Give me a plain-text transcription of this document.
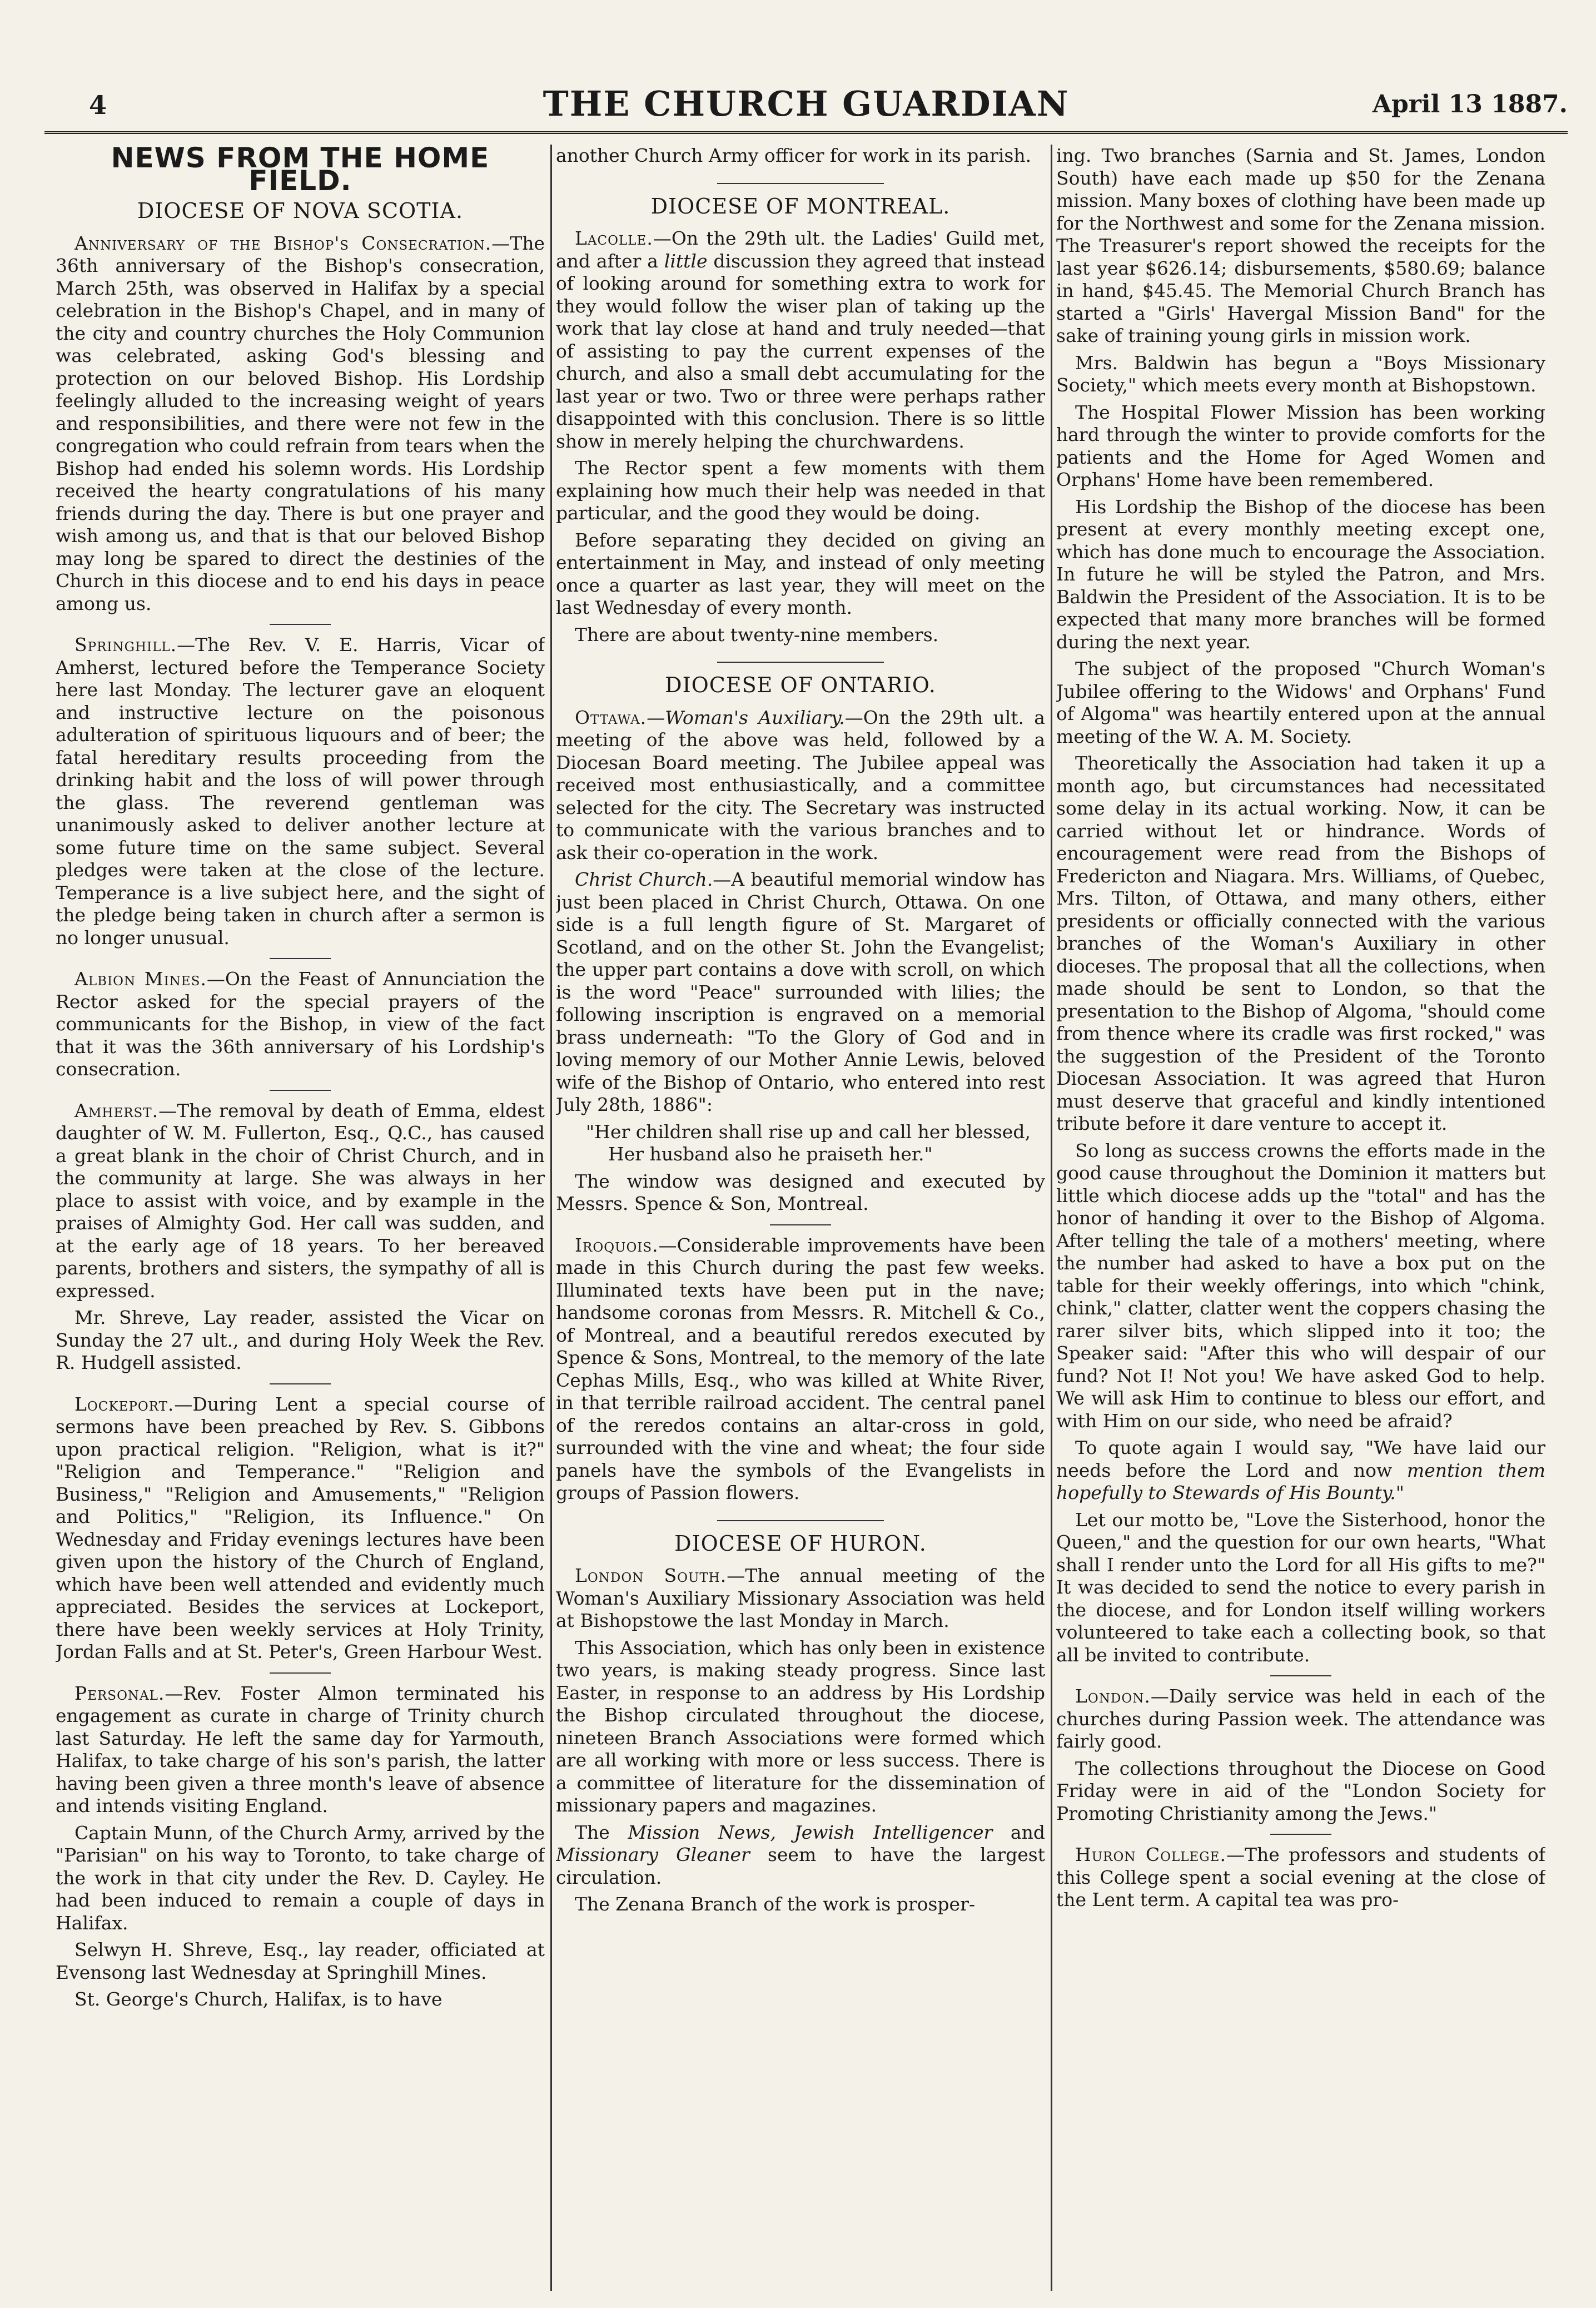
4	THE CHURCH GUARDIAN	April 13 1887.
NEWS FROM THE HOME FIELD.
DIOCESE OF NOVA SCOTIA.

Anniversary of the Bishop's Consecration.—The 36th anniversary of the Bishop's consecration, March 25th, was observed in Halifax by a special celebration in the Bishop's Chapel, and in many of the city and country churches the Holy Communion was celebrated, asking God's blessing and protection on our beloved Bishop. His Lordship feelingly alluded to the increasing weight of years and responsibilities, and there were not few in the congregation who could refrain from tears when the Bishop had ended his solemn words. His Lordship received the hearty congratulations of his many friends during the day. There is but one prayer and wish among us, and that is that our beloved Bishop may long be spared to direct the destinies of the Church in this diocese and to end his days in peace among us.

Springhill.—The Rev. V. E. Harris, Vicar of Amherst, lectured before the Temperance Society here last Monday. The lecturer gave an eloquent and instructive lecture on the poisonous adulteration of spirituous liquours and of beer; the fatal hereditary results proceeding from the drinking habit and the loss of will power through the glass. The reverend gentleman was unanimously asked to deliver another lecture at some future time on the same subject. Several pledges were taken at the close of the lecture. Temperance is a live subject here, and the sight of the pledge being taken in church after a sermon is no longer unusual.

Albion Mines.—On the Feast of Annunciation the Rector asked for the special prayers of the communicants for the Bishop, in view of the fact that it was the 36th anniversary of his Lordship's consecration.

Amherst.—The removal by death of Emma, eldest daughter of W. M. Fullerton, Esq., Q.C., has caused a great blank in the choir of Christ Church, and in the community at large. She was always in her place to assist with voice, and by example in the praises of Almighty God. Her call was sudden, and at the early age of 18 years. To her bereaved parents, brothers and sisters, the sympathy of all is expressed.

Mr. Shreve, Lay reader, assisted the Vicar on Sunday the 27 ult., and during Holy Week the Rev. R. Hudgell assisted.

Lockeport.—During Lent a special course of sermons have been preached by Rev. S. Gibbons upon practical religion. "Religion, what is it?" "Religion and Temperance." "Religion and Business," "Religion and Amusements," "Religion and Politics," "Religion, its Influence." On Wednesday and Friday evenings lectures have been given upon the history of the Church of England, which have been well attended and evidently much appreciated. Besides the services at Lockeport, there have been weekly services at Holy Trinity, Jordan Falls and at St. Peter's, Green Harbour West.

Personal.—Rev. Foster Almon terminated his engagement as curate in charge of Trinity church last Saturday. He left the same day for Yarmouth, Halifax, to take charge of his son's parish, the latter having been given a three month's leave of absence and intends visiting England.

Captain Munn, of the Church Army, arrived by the "Parisian" on his way to Toronto, to take charge of the work in that city under the Rev. D. Cayley. He had been induced to remain a couple of days in Halifax.

Selwyn H. Shreve, Esq., lay reader, officiated at Evensong last Wednesday at Springhill Mines.

St. George's Church, Halifax, is to have

another Church Army officer for work in its parish.

DIOCESE OF MONTREAL.

Lacolle.—On the 29th ult. the Ladies' Guild met, and after a little discussion they agreed that instead of looking around for something extra to work for they would follow the wiser plan of taking up the work that lay close at hand and truly needed—that of assisting to pay the current expenses of the church, and also a small debt accumulating for the last year or two. Two or three were perhaps rather disappointed with this conclusion. There is so little show in merely helping the churchwardens.

The Rector spent a few moments with them explaining how much their help was needed in that particular, and the good they would be doing.

Before separating they decided on giving an entertainment in May, and instead of only meeting once a quarter as last year, they will meet on the last Wednesday of every month.

There are about twenty-nine members.

DIOCESE OF ONTARIO.

Ottawa.—Woman's Auxiliary.—On the 29th ult. a meeting of the above was held, followed by a Diocesan Board meeting. The Jubilee appeal was received most enthusiastically, and a committee selected for the city. The Secretary was instructed to communicate with the various branches and to ask their co-operation in the work.

Christ Church.—A beautiful memorial window has just been placed in Christ Church, Ottawa. On one side is a full length figure of St. Margaret of Scotland, and on the other St. John the Evangelist; the upper part contains a dove with scroll, on which is the word "Peace" surrounded with lilies; the following inscription is engraved on a memorial brass underneath: "To the Glory of God and in loving memory of our Mother Annie Lewis, beloved wife of the Bishop of Ontario, who entered into rest July 28th, 1886":

"Her children shall rise up and call her blessed,
Her husband also he praiseth her."

The window was designed and executed by Messrs. Spence & Son, Montreal.

Iroquois.—Considerable improvements have been made in this Church during the past few weeks. Illuminated texts have been put in the nave; handsome coronas from Messrs. R. Mitchell & Co., of Montreal, and a beautiful reredos executed by Spence & Sons, Montreal, to the memory of the late Cephas Mills, Esq., who was killed at White River, in that terrible railroad accident. The central panel of the reredos contains an altar-cross in gold, surrounded with the vine and wheat; the four side panels have the symbols of the Evangelists in groups of Passion flowers.

DIOCESE OF HURON.

London South.—The annual meeting of the Woman's Auxiliary Missionary Association was held at Bishopstowe the last Monday in March.

This Association, which has only been in existence two years, is making steady progress. Since last Easter, in response to an address by His Lordship the Bishop circulated throughout the diocese, nineteen Branch Associations were formed which are all working with more or less success. There is a committee of literature for the dissemination of missionary papers and magazines.

The Mission News, Jewish Intelligencer and Missionary Gleaner seem to have the largest circulation.

The Zenana Branch of the work is prosper-

ing. Two branches (Sarnia and St. James, London South) have each made up $50 for the Zenana mission. Many boxes of clothing have been made up for the Northwest and some for the Zenana mission. The Treasurer's report showed the receipts for the last year $626.14; disbursements, $580.69; balance in hand, $45.45. The Memorial Church Branch has started a "Girls' Havergal Mission Band" for the sake of training young girls in mission work.

Mrs. Baldwin has begun a "Boys Missionary Society," which meets every month at Bishopstown.

The Hospital Flower Mission has been working hard through the winter to provide comforts for the patients and the Home for Aged Women and Orphans' Home have been remembered.

His Lordship the Bishop of the diocese has been present at every monthly meeting except one, which has done much to encourage the Association. In future he will be styled the Patron, and Mrs. Baldwin the President of the Association. It is to be expected that many more branches will be formed during the next year.

The subject of the proposed "Church Woman's Jubilee offering to the Widows' and Orphans' Fund of Algoma" was heartily entered upon at the annual meeting of the W. A. M. Society.

Theoretically the Association had taken it up a month ago, but circumstances had necessitated some delay in its actual working. Now, it can be carried without let or hindrance. Words of encouragement were read from the Bishops of Fredericton and Niagara. Mrs. Williams, of Quebec, Mrs. Tilton, of Ottawa, and many others, either presidents or officially connected with the various branches of the Woman's Auxiliary in other dioceses. The proposal that all the collections, when made should be sent to London, so that the presentation to the Bishop of Algoma, "should come from thence where its cradle was first rocked," was the suggestion of the President of the Toronto Diocesan Association. It was agreed that Huron must deserve that graceful and kindly intentioned tribute before it dare venture to accept it.

So long as success crowns the efforts made in the good cause throughout the Dominion it matters but little which diocese adds up the "total" and has the honor of handing it over to the Bishop of Algoma. After telling the tale of a mothers' meeting, where the number had asked to have a box put on the table for their weekly offerings, into which "chink, chink," clatter, clatter went the coppers chasing the rarer silver bits, which slipped into it too; the Speaker said: "After this who will despair of our fund? Not I! Not you! We have asked God to help. We will ask Him to continue to bless our effort, and with Him on our side, who need be afraid?

To quote again I would say, "We have laid our needs before the Lord and now mention them hopefully to Stewards of His Bounty."

Let our motto be, "Love the Sisterhood, honor the Queen," and the question for our own hearts, "What shall I render unto the Lord for all His gifts to me?" It was decided to send the notice to every parish in the diocese, and for London itself willing workers volunteered to take each a collecting book, so that all be invited to contribute.

London.—Daily service was held in each of the churches during Passion week. The attendance was fairly good.

The collections throughout the Diocese on Good Friday were in aid of the "London Society for Promoting Christianity among the Jews."

Huron College.—The professors and students of this College spent a social evening at the close of the Lent term. A capital tea was pro-
